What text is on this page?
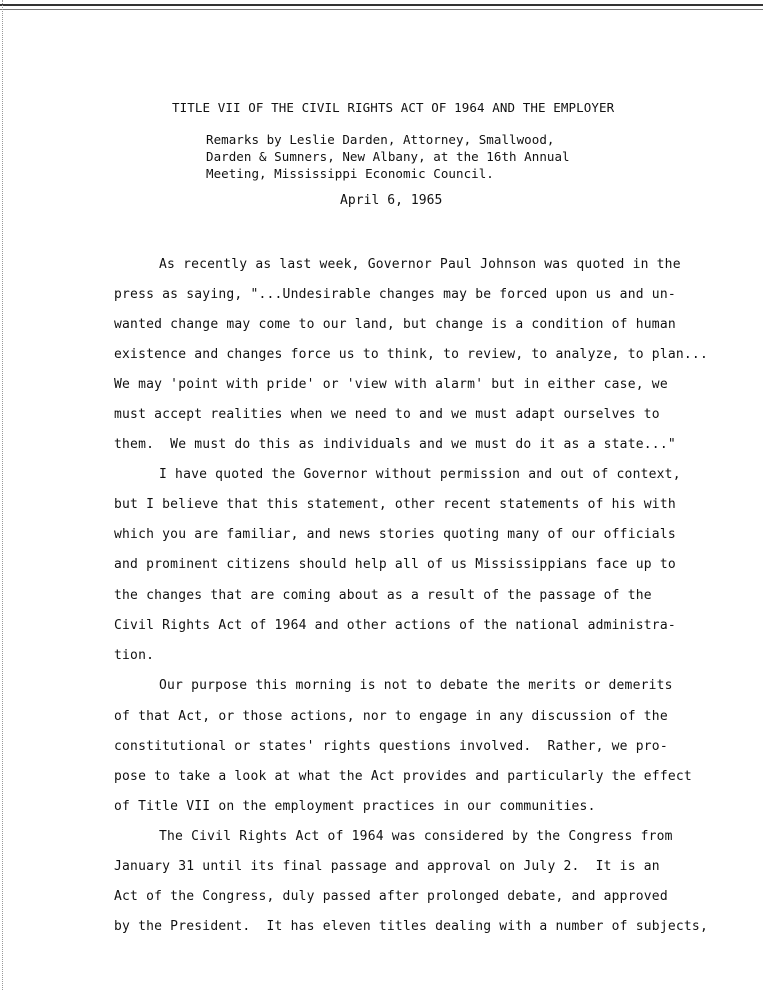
TITLE VII OF THE CIVIL RIGHTS ACT OF 1964 AND THE EMPLOYER
Remarks by Leslie Darden, Attorney, Smallwood,
Darden & Sumners, New Albany, at the 16th Annual
Meeting, Mississippi Economic Council.
April 6, 1965
As recently as last week, Governor Paul Johnson was quoted in the
press as saying, "...Undesirable changes may be forced upon us and un-
wanted change may come to our land, but change is a condition of human
existence and changes force us to think, to review, to analyze, to plan...
We may 'point with pride' or 'view with alarm' but in either case, we
must accept realities when we need to and we must adapt ourselves to
them.  We must do this as individuals and we must do it as a state..."
I have quoted the Governor without permission and out of context,
but I believe that this statement, other recent statements of his with
which you are familiar, and news stories quoting many of our officials
and prominent citizens should help all of us Mississippians face up to
the changes that are coming about as a result of the passage of the
Civil Rights Act of 1964 and other actions of the national administra-
tion.
Our purpose this morning is not to debate the merits or demerits
of that Act, or those actions, nor to engage in any discussion of the
constitutional or states' rights questions involved.  Rather, we pro-
pose to take a look at what the Act provides and particularly the effect
of Title VII on the employment practices in our communities.
The Civil Rights Act of 1964 was considered by the Congress from
January 31 until its final passage and approval on July 2.  It is an
Act of the Congress, duly passed after prolonged debate, and approved
by the President.  It has eleven titles dealing with a number of subjects,
